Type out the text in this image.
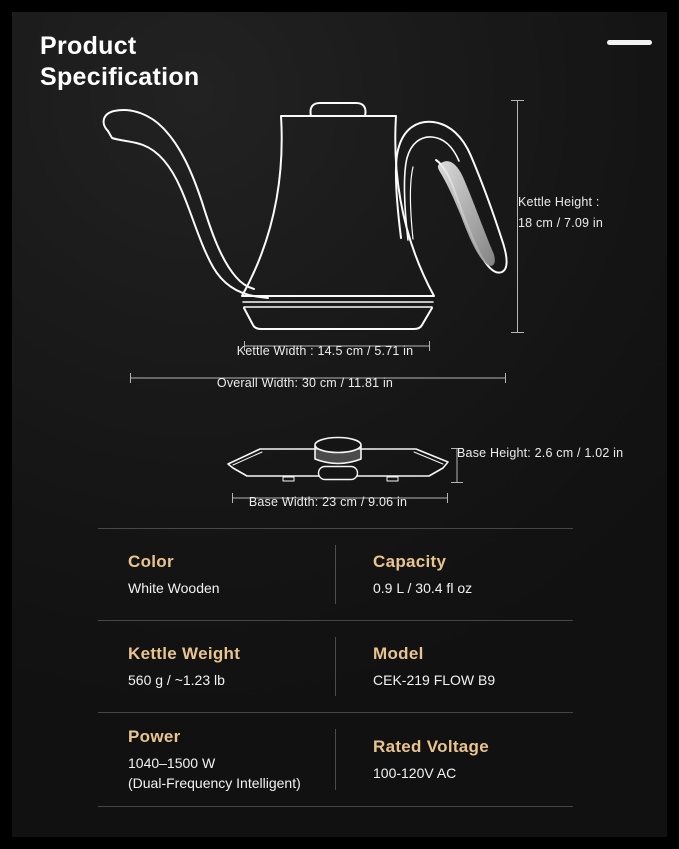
Product
Specification
Kettle Height :
18 cm / 7.09 in
Kettle Width : 14.5 cm / 5.71 in
Overall Width: 30 cm / 11.81 in
Base Height: 2.6 cm / 1.02 in
Base Width: 23 cm / 9.06 in
Color
White Wooden
Capacity
0.9 L / 30.4 fl oz
Kettle Weight
560 g / ~1.23 lb
Model
CEK-219 FLOW B9
Power
1040–1500 W
(Dual-Frequency Intelligent)
Rated Voltage
100-120V AC
